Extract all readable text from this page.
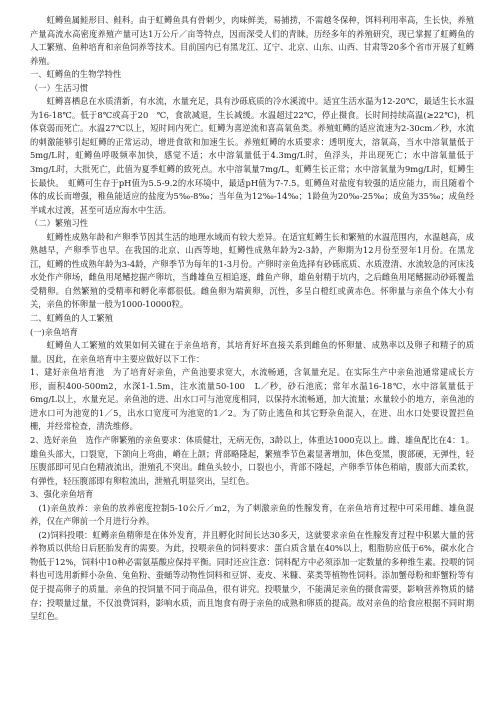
虹鳟鱼属鲑形目、鲑科。由于虹鳟鱼具有骨刺少，肉味鲜美，易捕捞，不需越冬保种，饵料利用率高，生长快，养殖产量高流水高密度养殖产量可达1万公斤／亩等特点，因而深受人们的青睐。历经多年的养殖研究，现已掌握了虹鳟鱼的人工繁殖、鱼种培育和亲鱼饲养等技术。目前国内已有黑龙江、辽宁、北京、山东、山西、甘肃等20多个省市开展了虹鳟养殖。

一、虹鳟鱼的生物学特性

（一）生活习惯

虹鳟喜栖息在水质清新，有水流，水量充足，具有沙砾底质的冷水溪流中。适宜生活水温为12-20℃，最适生长水温为16-18℃。低于8℃或高于20　℃，食欲减退，生长减缓。水温超过22℃，停止摄食。长时间持续高温(≥22℃)，机体衰弱而死亡。水温27℃以上，短时间内死亡。虹鳟为喜逆流和喜高氧鱼类。养殖虹鳟的适应流速为2-30cm／秒，水流的刺激能够引起虹鳟的正常运动，增进食欲和加速生长。养殖虹鳟的水质要求：透明度大，溶氧高，当水中溶氧量低于5mg/L时，虹鳟鱼呼吸频率加快，感觉不适；水中溶氧量低于4.3mg/L时，鱼浮头，并出现死亡；水中溶氧量低于3mg/L时，大批死亡，此值为夏季虹鳟的致死点。水中溶氧量7mg/L，虹鳟生长正常；水中溶氧量为9mg/L时，虹鳟生长最快。　虹鳟可生存于pH值为5.5-9.2的水环境中，最适pH值为7-7.5。虹鳟鱼对盐度有较强的适应能力，而且随着个体的成长而增强，稚鱼能适应的盐度为5‰-8‰；当年鱼为12‰-14‰；1龄鱼为20‰-25‰；成鱼为35‰；成鱼经半咸水过渡，甚至可适应海水中生活。

（二）繁殖习性

虹鳟性成熟年龄和产卵季节因其生活的地理水域而有较大差异。在适宜虹鳟生长和繁殖的水温范围内，水温越高，成熟越早，产卵季节也早。在我国的北京、山西等地，虹鳟性成熟年龄为2-3龄，产卵期为12月份至翌年1月份。在黑龙江，虹鳟的性成熟年龄为3-4龄，产卵季节为每年的1-3月份。产卵时亲鱼选择有砂砾底质、水质澄清、水流较急的河床浅水处作产卵场，雌鱼用尾鳍挖掘产卵坑，当雌雄鱼互相追逐，雌鱼产卵，雄鱼射精于坑内，之后雌鱼用尾鳍掘动砂砾覆盖受精卵。自然繁殖的受精率和孵化率都很低。雌鱼卵为端黄卵，沉性，多呈白橙红或黄赤色。怀卵量与亲鱼个体大小有关，亲鱼的怀卵量一般为1000-10000粒。

二、虹鳟鱼的人工繁殖

(一)亲鱼培育

虹鳟鱼人工繁殖的效果如何关键在于亲鱼培育，其培育好坏直接关系到雌鱼的怀卵量、成熟率以及卵子和精子的质量。因此，在亲鱼培育中主要应做好以下工作：

1、建好亲鱼培育池　为了培育好亲鱼，产鱼池要求宽大，水流畅通，含氧量充足。在实际生产中亲鱼池通常建成长方形，面积400-500m2，水深1-1.5m，注水流量50-100　L／秒，砂石池底；常年水温16-18℃，水中溶氧量低于6mg/L以上，水量充足。亲鱼池的进、出水口可与池宽度相同，以保持水流畅通，加大流量；水量较小的地方，亲鱼池的进水口可为池宽的1／5，出水口宽度可为池宽的1／2。为了防止逃鱼和其它野杂鱼混入，在进、出水口处要设置拦鱼栅，并经常检查，清洗维修。

2、选好亲鱼　选作产卵繁殖的亲鱼要求：体质健壮，无病无伤，3龄以上，体重达1000克以上。雌、雄鱼配比在4：1。雄鱼头部大，口裂宽，下颌向上弯曲，嵴在上颌；背部略隆起，繁殖季节色素显著增加，体色变黑，腹部硬，无弹性，轻压腹部即可见白色精液流出，泄殖孔不突出。雌鱼头较小，口裂也小，背部不隆起，产卵季节体色稍暗，腹部大而柔软，有弹性，轻压腹部即有卵粒流出，泄殖孔明显突出，呈红色。

3、强化亲鱼培育

　(1)亲鱼放养：亲鱼的放养密度控制5-10公斤／m2，为了刺激亲鱼的性腺发育，在亲鱼培育过程中可采用雌、雄鱼混养，仅在产卵前一个月进行分养。

　(2)饲料投喂：虹鳟亲鱼精卵是在体外发育，并且孵化时间长达30多天，这就要求亲鱼在性腺发育过程中积累大量的营养物质以供给日后胚胎发育的需要。为此，投喂亲鱼的饲料要求：蛋白质含量在40%以上，粗脂肪应低于6%，碳水化合物低于12%，饲料中10种必需氨基酸应保持平衡。同时还应注意：饲料配方中必须添加一定数量的多种维生素。投喂的饲料也可选用新鲜小杂鱼、兔鱼粉、蚕蛹等动物性饲料和豆饼、麦皮、米糠、菜类等植物性饲料。添加蟹母粉和虾蟹粉等有促于提高卵子的质量。亲鱼的投饲量不同于商品鱼，很有讲究。投喂量少，不能满足亲鱼的摄食需要，影响营养物质的储存；投喂量过量，不仅浪费饲料，影响水质，而且饱食有碍于亲鱼的成熟和卵质的提高。故对亲鱼的给食应根据不同时期呈红色。
